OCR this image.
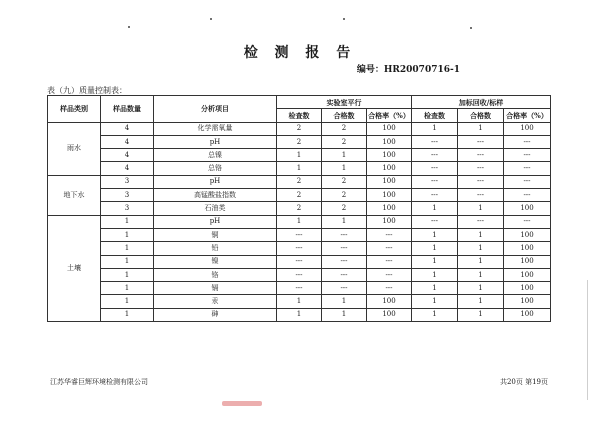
检 测 报 告
编号：HR20070716-1
表（九）质量控制表：
样品类别	样品数量	分析项目	实验室平行			加标回收/标样		
			检查数	合格数	合格率（%）	检查数	合格数	合格率（%）
雨水	4	化学需氧量	2	2	100	1	1	100
	4	pH	2	2	100	---	---	---
	4	总镍	1	1	100	---	---	---
	4	总铬	1	1	100	---	---	---
地下水	3	pH	2	2	100	---	---	---
	3	高锰酸盐指数	2	2	100	---	---	---
	3	石油类	2	2	100	1	1	100
土壤	1	pH	1	1	100	---	---	---
	1	铜	---	---	---	1	1	100
	1	铅	---	---	---	1	1	100
	1	镍	---	---	---	1	1	100
	1	铬	---	---	---	1	1	100
	1	镉	---	---	---	1	1	100
	1	汞	1	1	100	1	1	100
	1	砷	1	1	100	1	1	100
江苏华睿巨辉环境检测有限公司	共20页 第19页
